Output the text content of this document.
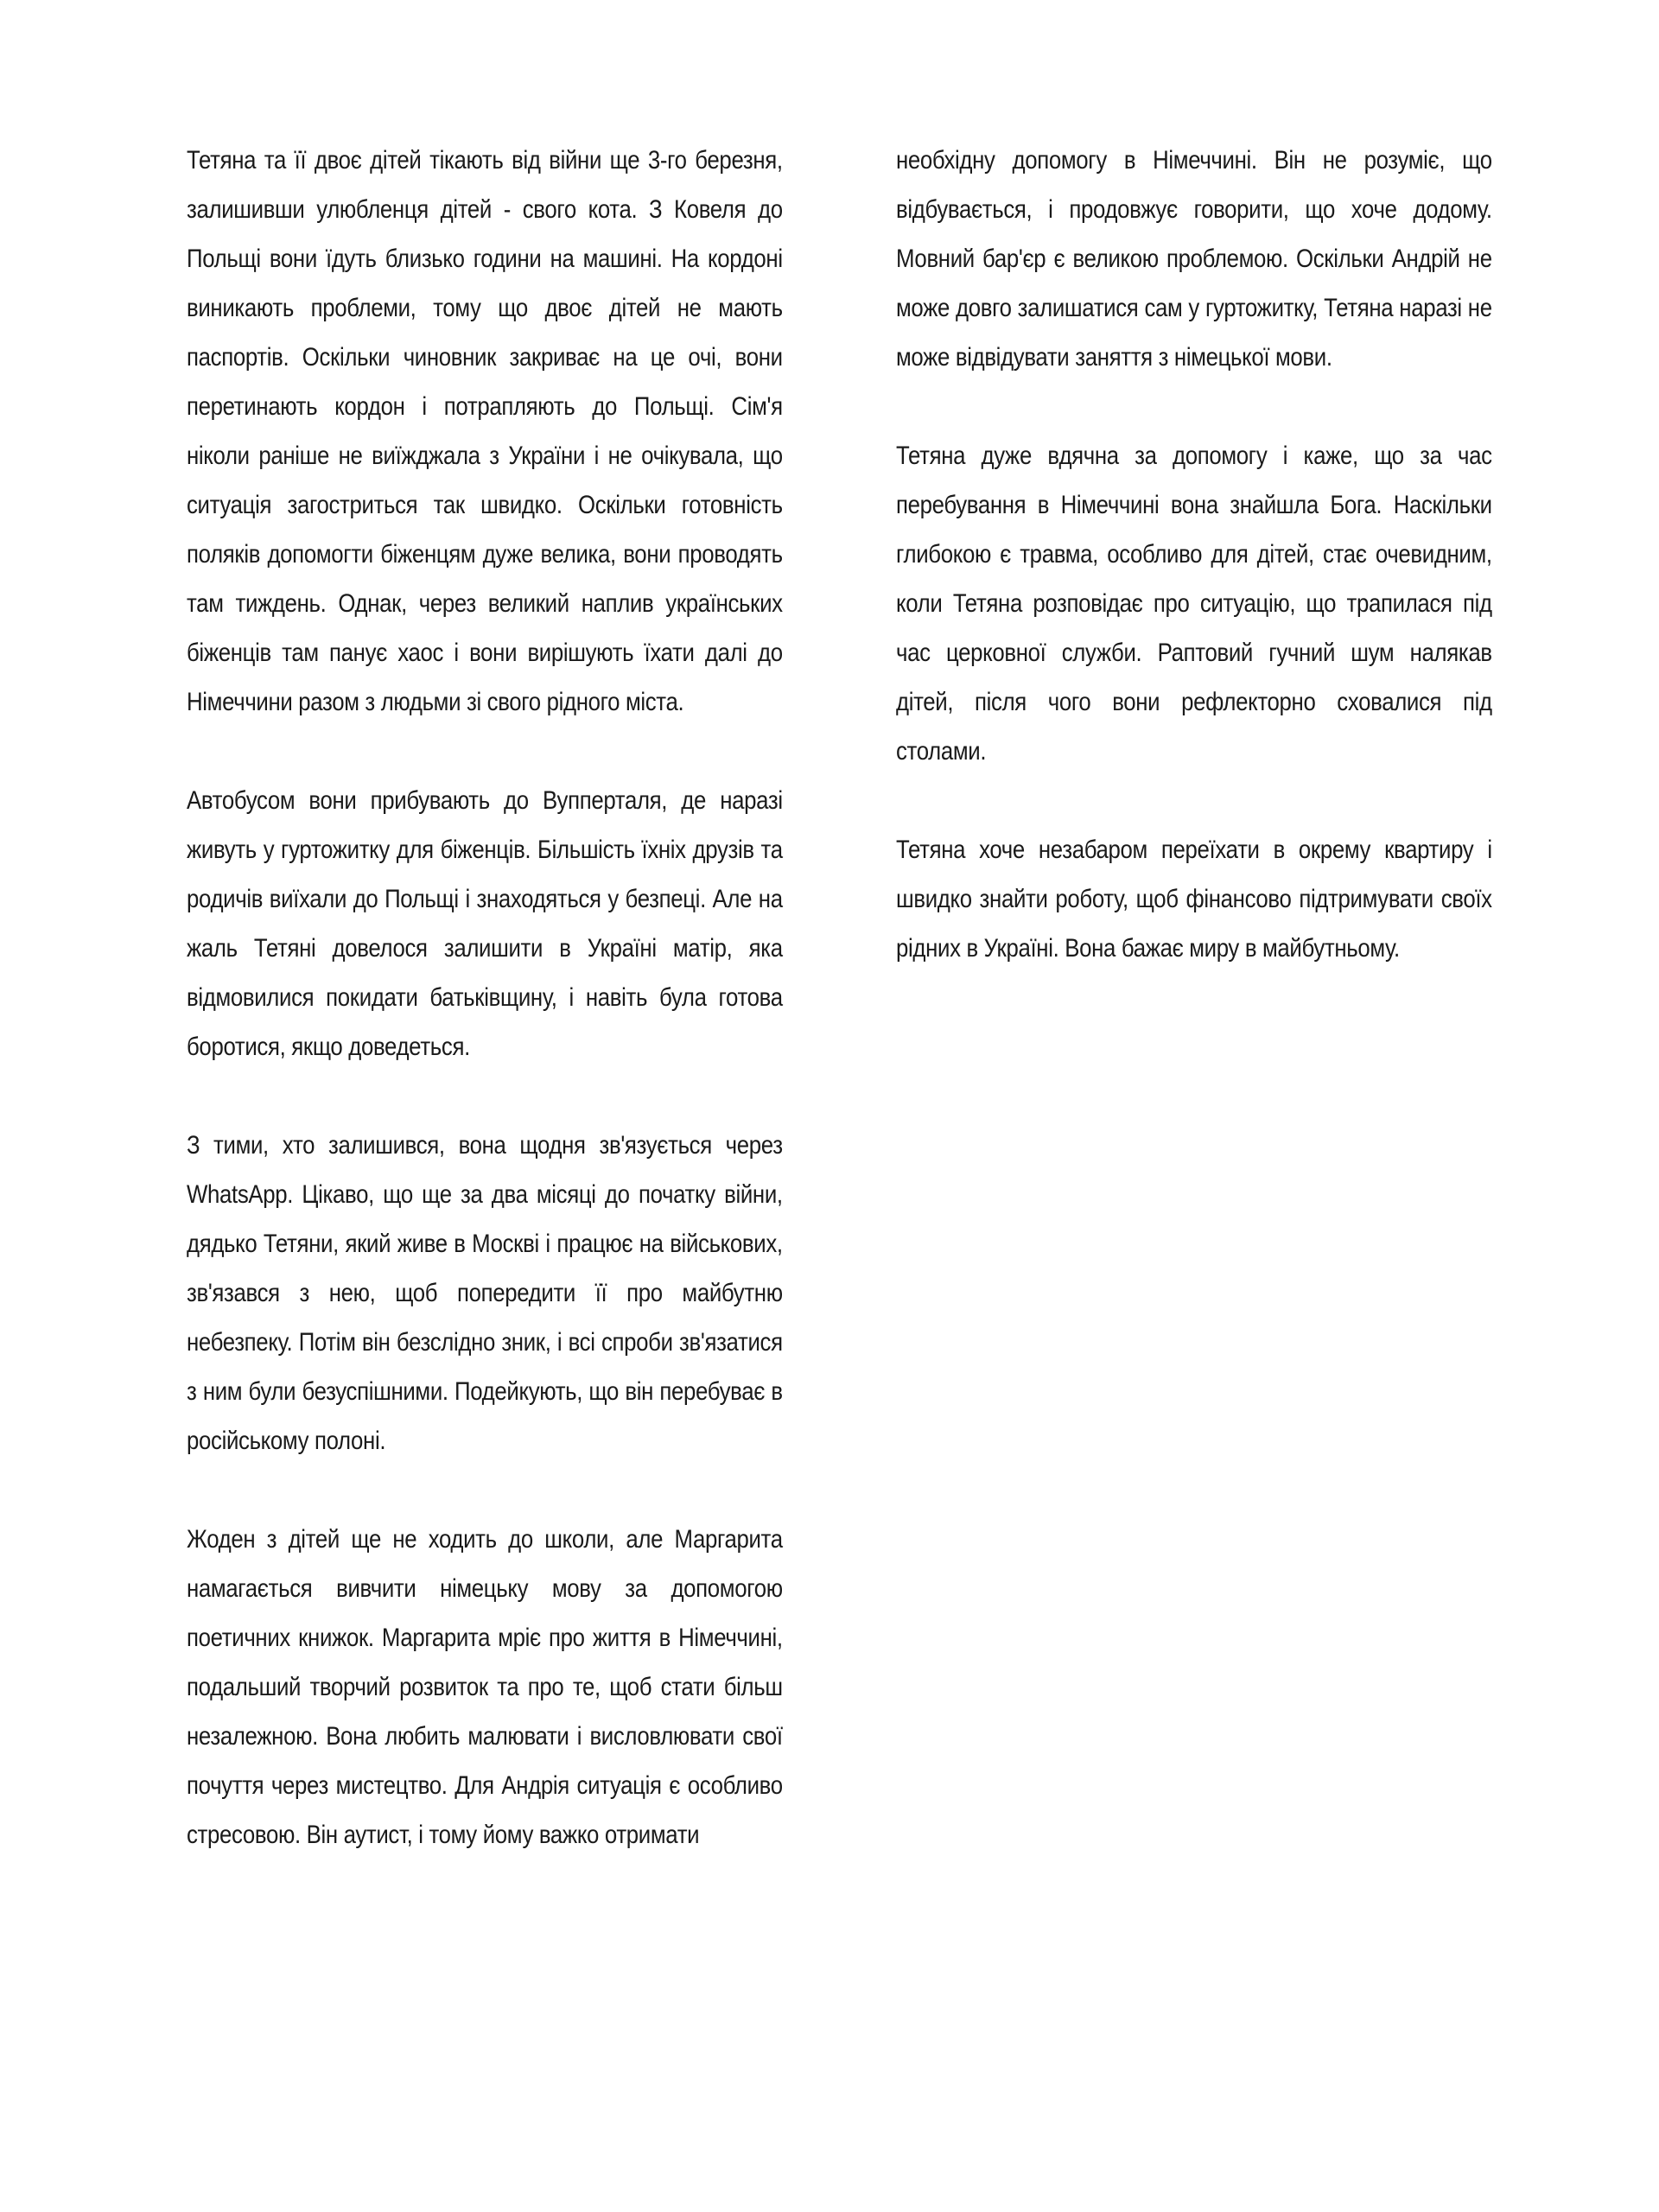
Тетяна та її двоє дітей тікають від війни ще 3-го березня, залишивши улюбленця дітей - свого кота. З Ковеля до Польщі вони їдуть близько години на машині. На кордоні виникають проблеми, тому що двоє дітей не мають паспортів. Оскільки чиновник закриває на це очі, вони перетинають кордон і потрапляють до Польщі. Сім'я ніколи раніше не виїжджала з України і не очікувала, що ситуація загостриться так швидко. Оскільки готовність поляків допомогти біженцям дуже велика, вони проводять там тиждень. Однак, через великий наплив українських біженців там панує хаос і вони вирішують їхати далі до Німеччини разом з людьми зі свого рідного міста.

Автобусом вони прибувають до Вупперталя, де наразі живуть у гуртожитку для біженців. Більшість їхніх друзів та родичів виїхали до Польщі і знаходяться у безпеці. Але на жаль Тетяні довелося залишити в Україні матір, яка відмовилися покидати батьківщину, і навіть була готова боротися, якщо доведеться.

З тими, хто залишився, вона щодня зв'язується через WhatsApp. Цікаво, що ще за два місяці до початку війни, дядько Тетяни, який живе в Москві і працює на військових, зв'язався з нею, щоб попередити її про майбутню небезпеку. Потім він безслідно зник, і всі спроби зв'язатися з ним були безуспішними. Подейкують, що він перебуває в російському полоні.

Жоден з дітей ще не ходить до школи, але Маргарита намагається вивчити німецьку мову за допомогою поетичних книжок. Маргарита мріє про життя в Німеччині, подальший творчий розвиток та про те, щоб стати більш незалежною. Вона любить малювати і висловлювати свої почуття через мистецтво. Для Андрія ситуація є особливо стресовою. Він аутист, і тому йому важко отримати

необхідну допомогу в Німеччині. Він не розуміє, що відбувається, і продовжує говорити, що хоче додому. Мовний бар'єр є великою проблемою. Оскільки Андрій не може довго залишатися сам у гуртожитку, Тетяна наразі не може відвідувати заняття з німецької мови.

Тетяна дуже вдячна за допомогу і каже, що за час перебування в Німеччині вона знайшла Бога. Наскільки глибокою є травма, особливо для дітей, стає очевидним, коли Тетяна розповідає про ситуацію, що трапилася під час церковної служби. Раптовий гучний шум налякав дітей, після чого вони рефлекторно сховалися під столами.

Тетяна хоче незабаром переїхати в окрему квартиру і швидко знайти роботу, щоб фінансово підтримувати своїх рідних в Україні. Вона бажає миру в майбутньому.
